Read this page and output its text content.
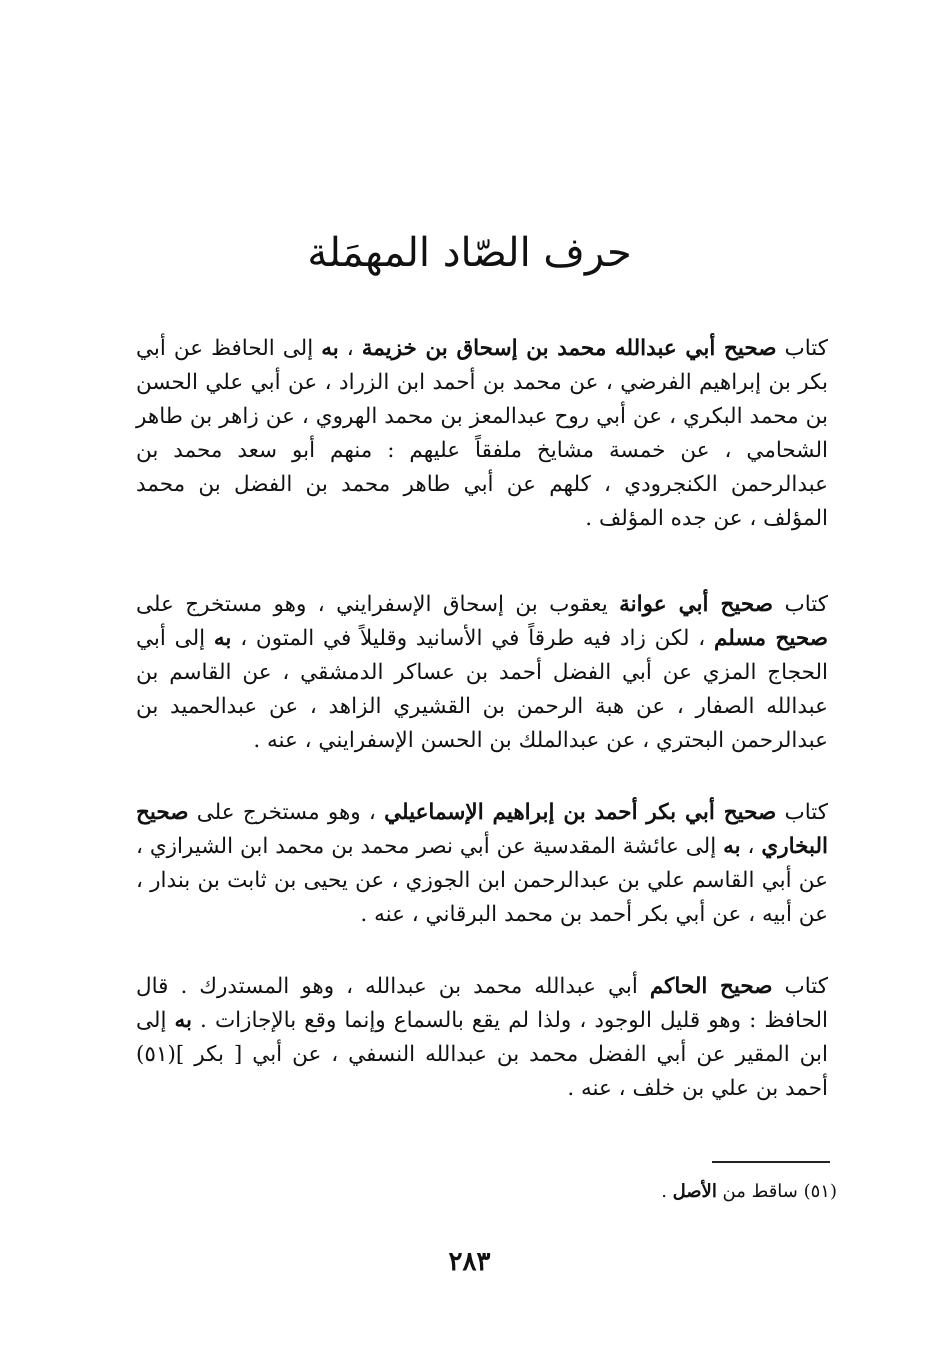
حرف الصّاد المهمَلة

كتاب صحيح أبي عبدالله محمد بن إسحاق بن خزيمة ، به إلى الحافظ عن أبي بكر بن إبراهيم الفرضي ، عن محمد بن أحمد ابن الزراد ، عن أبي علي الحسن بن محمد البكري ، عن أبي روح عبدالمعز بن محمد الهروي ، عن زاهر بن طاهر الشحامي ، عن خمسة مشايخ ملفقاً عليهم : منهم أبو سعد محمد بن عبدالرحمن الكنجرودي ، كلهم عن أبي طاهر محمد بن الفضل بن محمد المؤلف ، عن جده المؤلف .

كتاب صحيح أبي عوانة يعقوب بن إسحاق الإسفرايني ، وهو مستخرج على صحيح مسلم ، لكن زاد فيه طرقاً في الأسانيد وقليلاً في المتون ، به إلى أبي الحجاج المزي عن أبي الفضل أحمد بن عساكر الدمشقي ، عن القاسم بن عبدالله الصفار ، عن هبة الرحمن بن القشيري الزاهد ، عن عبدالحميد بن عبدالرحمن البحتري ، عن عبدالملك بن الحسن الإسفرايني ، عنه .

كتاب صحيح أبي بكر أحمد بن إبراهيم الإسماعيلي ، وهو مستخرج على صحيح البخاري ، به إلى عائشة المقدسية عن أبي نصر محمد بن محمد ابن الشيرازي ، عن أبي القاسم علي بن عبدالرحمن ابن الجوزي ، عن يحيى بن ثابت بن بندار ، عن أبيه ، عن أبي بكر أحمد بن محمد البرقاني ، عنه .

كتاب صحيح الحاكم أبي عبدالله محمد بن عبدالله ، وهو المستدرك . قال الحافظ : وهو قليل الوجود ، ولذا لم يقع بالسماع وإنما وقع بالإجازات . به إلى ابن المقير عن أبي الفضل محمد بن عبدالله النسفي ، عن أبي [ بكر ](٥١) أحمد بن علي بن خلف ، عنه .

(٥١) ساقط من الأصل .
٢٨٣
